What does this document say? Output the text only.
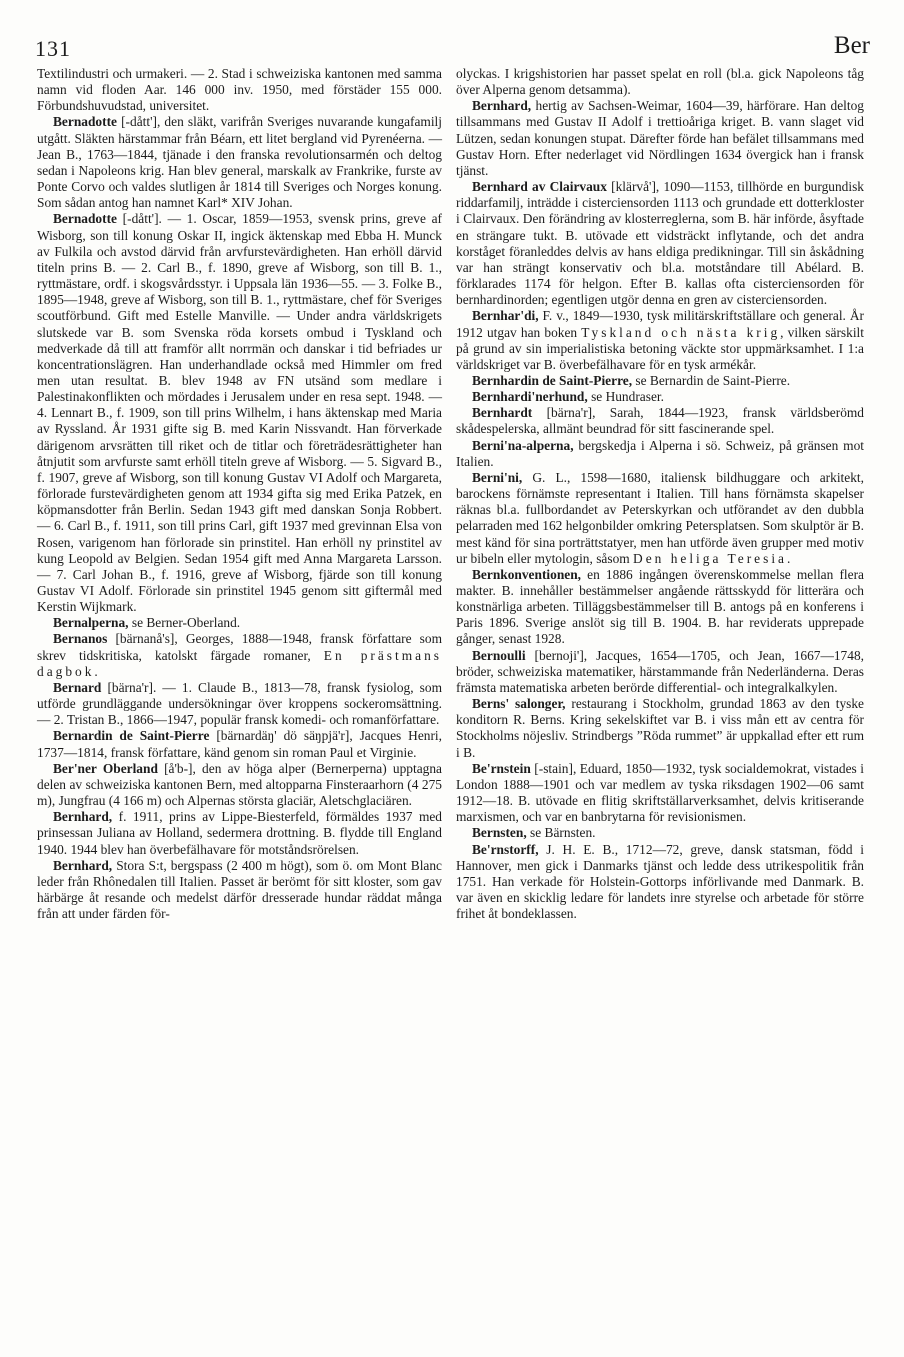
131	Ber

Textilindustri och urmakeri. — 2. Stad i schweiziska kantonen med samma namn vid floden Aar. 146 000 inv. 1950, med förstäder 155 000. Förbundshuvudstad, universitet.

Bernadotte [-dått'], den släkt, varifrån Sveriges nuvarande kungafamilj utgått. Släkten härstammar från Béarn, ett litet bergland vid Pyrenéerna. — Jean B., 1763—1844, tjänade i den franska revolutionsarmén och deltog sedan i Napoleons krig. Han blev general, marskalk av Frankrike, furste av Ponte Corvo och valdes slutligen år 1814 till Sveriges och Norges konung. Som sådan antog han namnet Karl* XIV Johan.

Bernadotte [-dått']. — 1. Oscar, 1859—1953, svensk prins, greve af Wisborg, son till konung Oskar II, ingick äktenskap med Ebba H. Munck av Fulkila och avstod därvid från arvfurstevärdigheten. Han erhöll därvid titeln prins B. — 2. Carl B., f. 1890, greve af Wisborg, son till B. 1., ryttmästare, ordf. i skogsvårdsstyr. i Uppsala län 1936—55. — 3. Folke B., 1895—1948, greve af Wisborg, son till B. 1., ryttmästare, chef för Sveriges scoutförbund. Gift med Estelle Manville. — Under andra världskrigets slutskede var B. som Svenska röda korsets ombud i Tyskland och medverkade då till att framför allt norrmän och danskar i tid befriades ur koncentrationslägren. Han underhandlade också med Himmler om fred men utan resultat. B. blev 1948 av FN utsänd som medlare i Palestinakonflikten och mördades i Jerusalem under en resa sept. 1948. — 4. Lennart B., f. 1909, son till prins Wilhelm, i hans äktenskap med Maria av Ryssland. År 1931 gifte sig B. med Karin Nissvandt. Han förverkade därigenom arvsrätten till riket och de titlar och företrädesrättigheter han åtnjutit som arvfurste samt erhöll titeln greve af Wisborg. — 5. Sigvard B., f. 1907, greve af Wisborg, son till konung Gustav VI Adolf och Margareta, förlorade furstevärdigheten genom att 1934 gifta sig med Erika Patzek, en köpmansdotter från Berlin. Sedan 1943 gift med danskan Sonja Robbert. — 6. Carl B., f. 1911, son till prins Carl, gift 1937 med grevinnan Elsa von Rosen, varigenom han förlorade sin prinstitel. Han erhöll ny prinstitel av kung Leopold av Belgien. Sedan 1954 gift med Anna Margareta Larsson. — 7. Carl Johan B., f. 1916, greve af Wisborg, fjärde son till konung Gustav VI Adolf. Förlorade sin prinstitel 1945 genom sitt giftermål med Kerstin Wijkmark.

Bernalperna, se Berner-Oberland.

Bernanos [bärnanå's], Georges, 1888—1948, fransk författare som skrev tidskritiska, katolskt färgade romaner, En prästmans dagbok.

Bernard [bärna'r]. — 1. Claude B., 1813—78, fransk fysiolog, som utförde grundläggande undersökningar över kroppens sockeromsättning. — 2. Tristan B., 1866—1947, populär fransk komedi- och romanförfattare.

Bernardin de Saint-Pierre [bärnardäŋ' dö säŋpjä'r], Jacques Henri, 1737—1814, fransk författare, känd genom sin roman Paul et Virginie.

Ber'ner Oberland [å'b-], den av höga alper (Bernerperna) upptagna delen av schweiziska kantonen Bern, med altopparna Finsteraarhorn (4 275 m), Jungfrau (4 166 m) och Alpernas största glaciär, Aletschglaciären.

Bernhard, f. 1911, prins av Lippe-Biesterfeld, förmäldes 1937 med prinsessan Juliana av Holland, sedermera drottning. B. flydde till England 1940. 1944 blev han överbefälhavare för motståndsrörelsen.

Bernhard, Stora S:t, bergspass (2 400 m högt), som ö. om Mont Blanc leder från Rhônedalen till Italien. Passet är berömt för sitt kloster, som gav härbärge åt resande och medelst därför dresserade hundar räddat många från att under färden för-

olyckas. I krigshistorien har passet spelat en roll (bl.a. gick Napoleons tåg över Alperna genom detsamma).

Bernhard, hertig av Sachsen-Weimar, 1604—39, härförare. Han deltog tillsammans med Gustav II Adolf i trettioåriga kriget. B. vann slaget vid Lützen, sedan konungen stupat. Därefter förde han befälet tillsammans med Gustav Horn. Efter nederlaget vid Nördlingen 1634 övergick han i fransk tjänst.

Bernhard av Clairvaux [klärvå'], 1090—1153, tillhörde en burgundisk riddarfamilj, inträdde i cisterciensorden 1113 och grundade ett dotterkloster i Clairvaux. Den förändring av klosterreglerna, som B. här införde, åsyftade en strängare tukt. B. utövade ett vidsträckt inflytande, och det andra korståget föranleddes delvis av hans eldiga predikningar. Till sin åskådning var han strängt konservativ och bl.a. motståndare till Abélard. B. förklarades 1174 för helgon. Efter B. kallas ofta cisterciensorden för bernhardinorden; egentligen utgör denna en gren av cisterciensorden.

Bernhar'di, F. v., 1849—1930, tysk militärskriftställare och general. År 1912 utgav han boken Tyskland och nästa krig, vilken särskilt på grund av sin imperialistiska betoning väckte stor uppmärksamhet. I 1:a världskriget var B. överbefälhavare för en tysk armékår.

Bernhardin de Saint-Pierre, se Bernardin de Saint-Pierre.

Bernhardi'nerhund, se Hundraser.

Bernhardt [bärna'r], Sarah, 1844—1923, fransk världsberömd skådespelerska, allmänt beundrad för sitt fascinerande spel.

Berni'na-alperna, bergskedja i Alperna i sö. Schweiz, på gränsen mot Italien.

Berni'ni, G. L., 1598—1680, italiensk bildhuggare och arkitekt, barockens förnämste representant i Italien. Till hans förnämsta skapelser räknas bl.a. fullbordandet av Peterskyrkan och utförandet av den dubbla pelarraden med 162 helgonbilder omkring Petersplatsen. Som skulptör är B. mest känd för sina porträttstatyer, men han utförde även grupper med motiv ur bibeln eller mytologin, såsom Den heliga Teresia.

Bernkonventionen, en 1886 ingången överenskommelse mellan flera makter. B. innehåller bestämmelser angående rättsskydd för litterära och konstnärliga arbeten. Tilläggsbestämmelser till B. antogs på en konferens i Paris 1896. Sverige anslöt sig till B. 1904. B. har reviderats upprepade gånger, senast 1928.

Bernoulli [bernoji'], Jacques, 1654—1705, och Jean, 1667—1748, bröder, schweiziska matematiker, härstammande från Nederländerna. Deras främsta matematiska arbeten berörde differential- och integralkalkylen.

Berns' salonger, restaurang i Stockholm, grundad 1863 av den tyske konditorn R. Berns. Kring sekelskiftet var B. i viss mån ett av centra för Stockholms nöjesliv. Strindbergs ”Röda rummet” är uppkallad efter ett rum i B.

Be'rnstein [-stain], Eduard, 1850—1932, tysk socialdemokrat, vistades i London 1888—1901 och var medlem av tyska riksdagen 1902—06 samt 1912—18. B. utövade en flitig skriftställarverksamhet, delvis kritiserande marxismen, och var en banbrytarna för revisionismen.

Bernsten, se Bärnsten.

Be'rnstorff, J. H. E. B., 1712—72, greve, dansk statsman, född i Hannover, men gick i Danmarks tjänst och ledde dess utrikespolitik från 1751. Han verkade för Holstein-Gottorps införlivande med Danmark. B. var även en skicklig ledare för landets inre styrelse och arbetade för större frihet åt bondeklassen.
